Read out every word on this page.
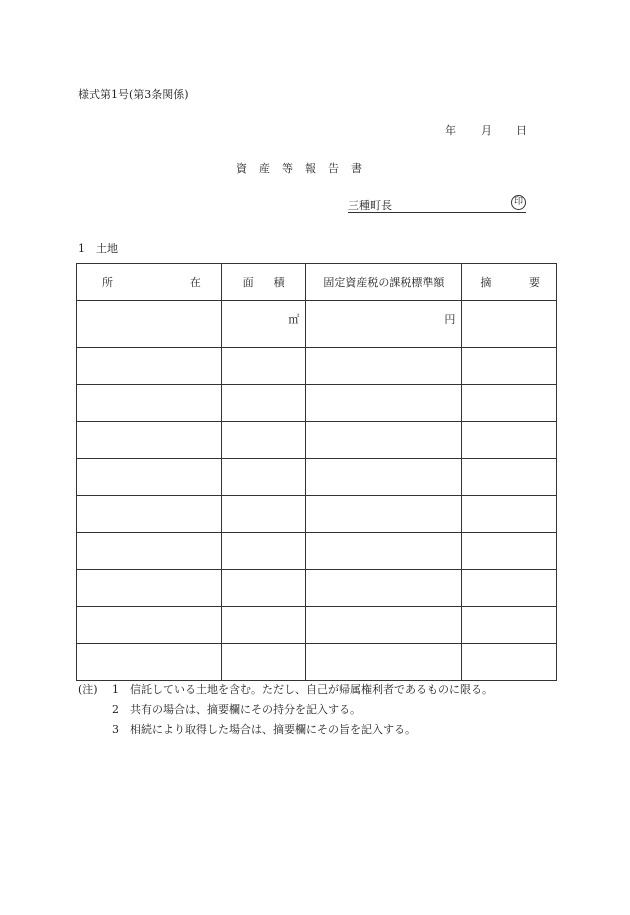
様式第1号(第3条関係)
年 月 日
資産等報告書
三種町長	印
1　土地
所 在	面 積	固定資産税の課税標準額	摘 要

	㎡	円	

(注)	1	信託している土地を含む。ただし、自己が帰属権利者であるものに限る。
2	共有の場合は、摘要欄にその持分を記入する。
3	相続により取得した場合は、摘要欄にその旨を記入する。
